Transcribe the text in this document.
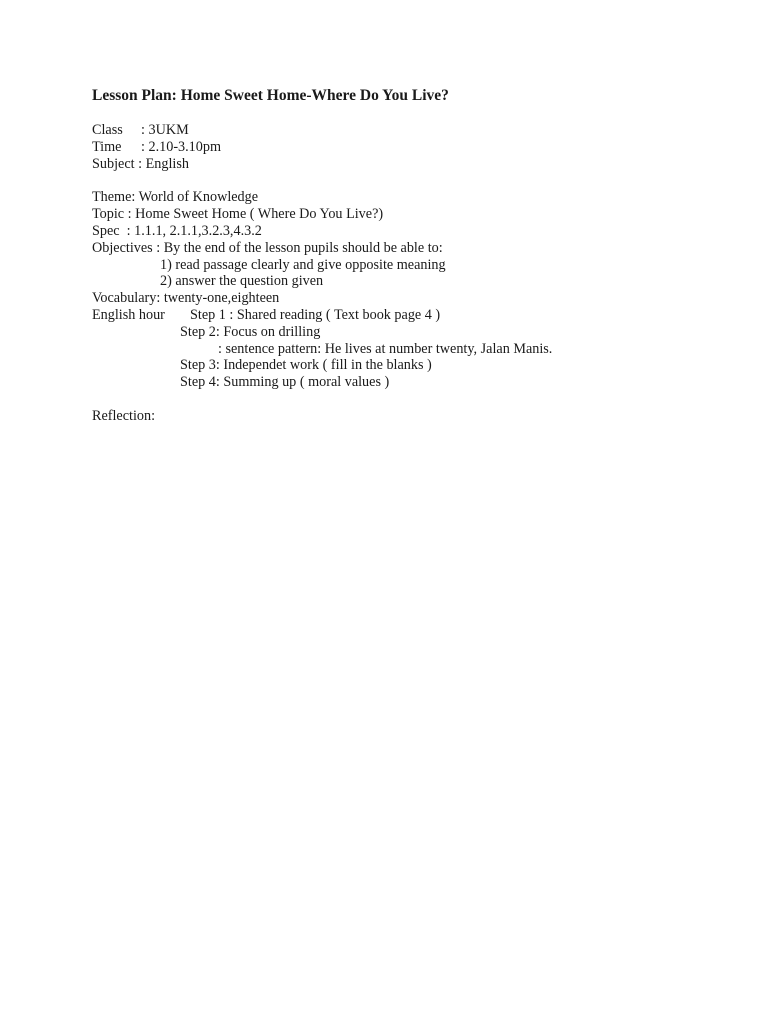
Lesson Plan: Home Sweet Home-Where Do You Live?
Class : 3UKM
Time : 2.10-3.10pm
Subject : English
Theme: World of Knowledge
Topic : Home Sweet Home ( Where Do You Live?)
Spec  : 1.1.1, 2.1.1,3.2.3,4.3.2
Objectives : By the end of the lesson pupils should be able to:
1) read passage clearly and give opposite meaning
2) answer the question given
Vocabulary: twenty-one,eighteen
English hour Step 1 : Shared reading ( Text book page 4 )
Step 2: Focus on drilling
: sentence pattern: He lives at number twenty, Jalan Manis.
Step 3: Independet work ( fill in the blanks )
Step 4: Summing up ( moral values )
Reflection:
